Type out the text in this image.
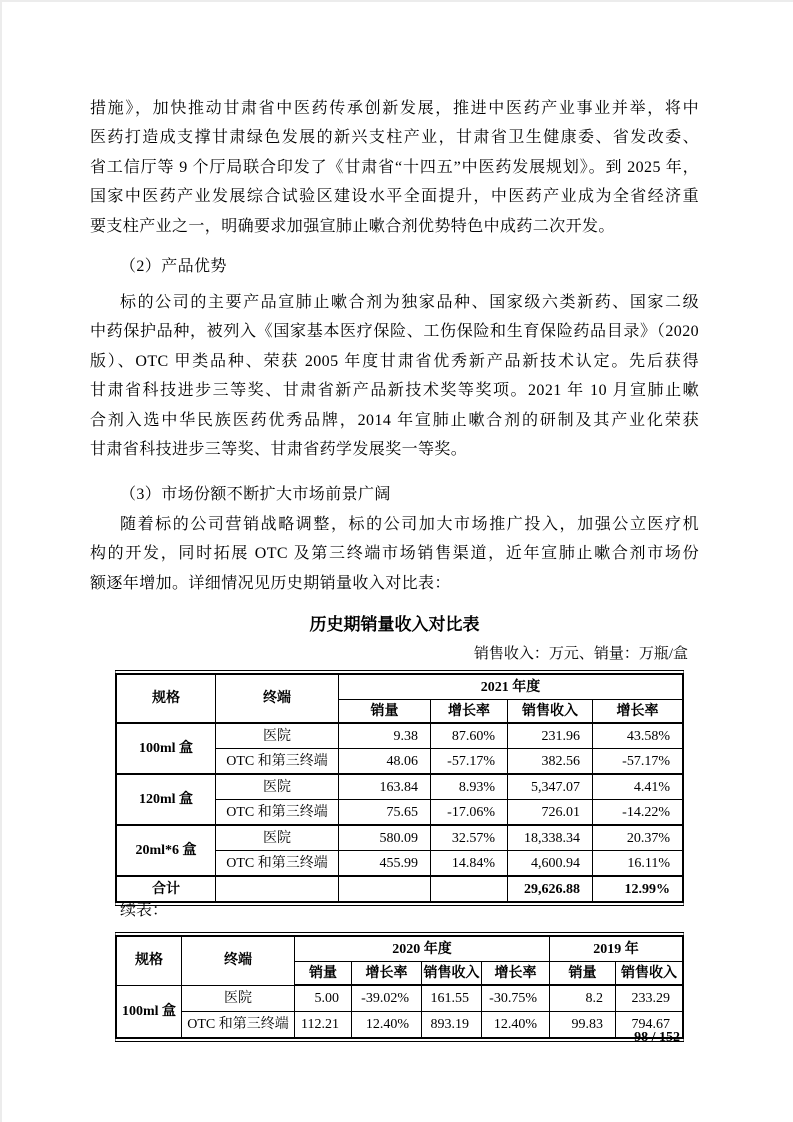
措施》，加快推动甘肃省中医药传承创新发展，推进中医药产业事业并举，将中
医药打造成支撑甘肃绿色发展的新兴支柱产业，甘肃省卫生健康委、省发改委、
省工信厅等 9 个厅局联合印发了《甘肃省“十四五”中医药发展规划》。到 2025 年，
国家中医药产业发展综合试验区建设水平全面提升，中医药产业成为全省经济重
要支柱产业之一，明确要求加强宣肺止嗽合剂优势特色中成药二次开发。
（2）产品优势
标的公司的主要产品宣肺止嗽合剂为独家品种、国家级六类新药、国家二级
中药保护品种，被列入《国家基本医疗保险、工伤保险和生育保险药品目录》（2020
版）、OTC 甲类品种、荣获 2005 年度甘肃省优秀新产品新技术认定。先后获得
甘肃省科技进步三等奖、甘肃省新产品新技术奖等奖项。2021 年 10 月宣肺止嗽
合剂入选中华民族医药优秀品牌，2014 年宣肺止嗽合剂的研制及其产业化荣获
甘肃省科技进步三等奖、甘肃省药学发展奖一等奖。
（3）市场份额不断扩大市场前景广阔
随着标的公司营销战略调整，标的公司加大市场推广投入，加强公立医疗机
构的开发，同时拓展 OTC 及第三终端市场销售渠道，近年宣肺止嗽合剂市场份
额逐年增加。详细情况见历史期销量收入对比表：
历史期销量收入对比表
销售收入：万元、销量：万瓶/盒
规格	终端	2021 年度			
		销量	增长率	销售收入	增长率
100ml 盒	医院	9.38	87.60%	231.96	43.58%
	OTC 和第三终端	48.06	-57.17%	382.56	-57.17%
120ml 盒	医院	163.84	8.93%	5,347.07	4.41%
	OTC 和第三终端	75.65	-17.06%	726.01	-14.22%
20ml*6 盒	医院	580.09	32.57%	18,338.34	20.37%
	OTC 和第三终端	455.99	14.84%	4,600.94	16.11%
合计				29,626.88	12.99%
续表：
规格	终端	2020 年度				2019 年	
		销量	增长率	销售收入	增长率	销量	销售收入
100ml 盒	医院	5.00	-39.02%	161.55	-30.75%	8.2	233.29
	OTC 和第三终端	112.21	12.40%	893.19	12.40%	99.83	794.67
98 / 152
